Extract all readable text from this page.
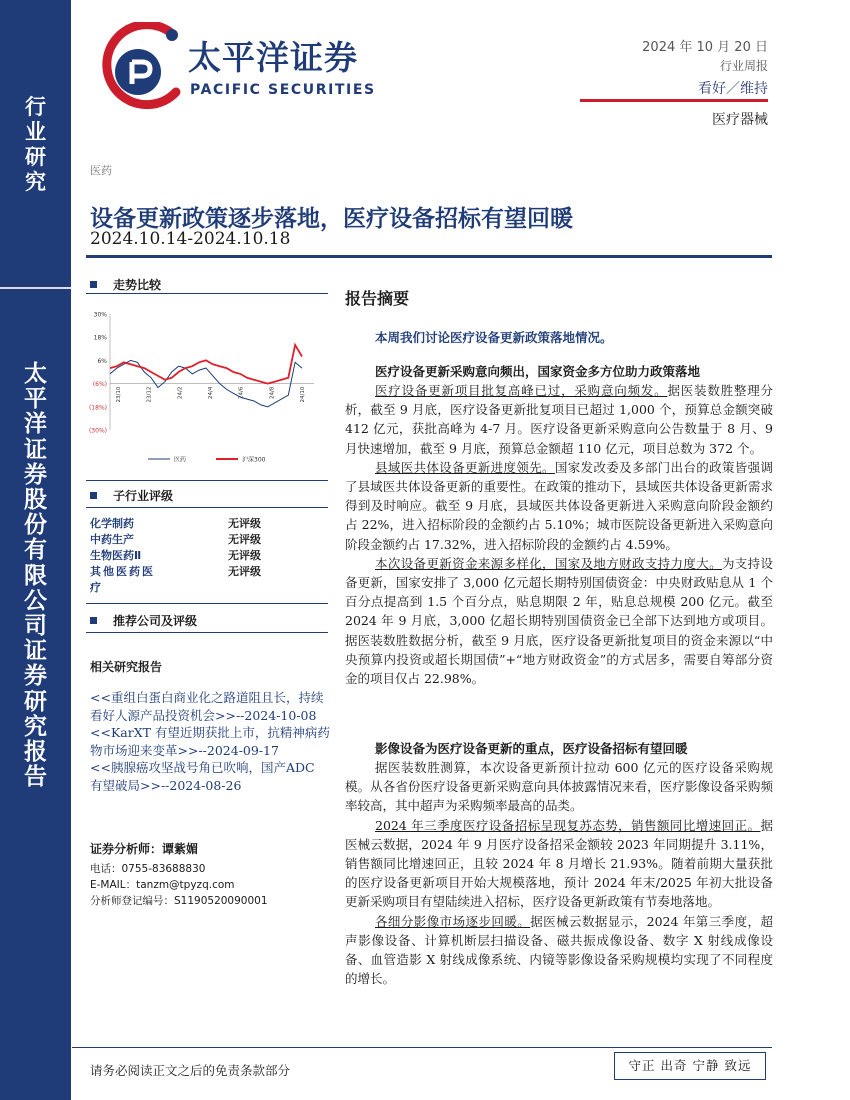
行
业
研
究
太
平
洋
证
券
股
份
有
限
公
司
证
券
研
究
报
告
太平洋证券
PACIFIC SECURITIES
2024 年 10 月 20 日
行业周报
看好／维持
医疗器械
医药
设备更新政策逐步落地，医疗设备招标有望回暖
2024.10.14-2024.10.18
走势比较
30%
18%
6%
(6%)
(18%)
(30%)
23/10	23/12	24/2	24/4	24/6	24/8	24/10
医药	沪深300
子行业评级
化学制药	无评级
中药生产	无评级
生物医药Ⅱ	无评级
其他医药医疗
无评级
推荐公司及评级
相关研究报告

<<重组白蛋白商业化之路道阻且长，持续看好人源产品投资机会>>--2024-10-08

<<KarXT 有望近期获批上市，抗精神病药物市场迎来变革>>--2024-09-17

<<胰腺癌攻坚战号角已吹响，国产ADC 有望破局>>--2024-08-26

证券分析师：谭紫媚
电话：0755-83688830
E-MAIL：tanzm@tpyzq.com
分析师登记编号：S1190520090001
报告摘要
本周我们讨论医疗设备更新政策落地情况。
医疗设备更新采购意向频出，国家资金多方位助力政策落地

医疗设备更新项目批复高峰已过，采购意向频发。据医装数胜整理分析，截至 9 月底，医疗设备更新批复项目已超过 1,000 个，预算总金额突破 412 亿元，获批高峰为 4-7 月。医疗设备更新采购意向公告数量于 8 月、9 月快速增加，截至 9 月底，预算总金额超 110 亿元，项目总数为 372 个。

县域医共体设备更新进度领先。国家发改委及多部门出台的政策皆强调了县域医共体设备更新的重要性。在政策的推动下，县域医共体设备更新需求得到及时响应。截至 9 月底，县域医共体设备更新进入采购意向阶段金额约占 22%，进入招标阶段的金额约占 5.10%；城市医院设备更新进入采购意向阶段金额约占 17.32%，进入招标阶段的金额约占 4.59%。

本次设备更新资金来源多样化，国家及地方财政支持力度大。为支持设备更新，国家安排了 3,000 亿元超长期特别国债资金：中央财政贴息从 1 个百分点提高到 1.5 个百分点，贴息期限 2 年，贴息总规模 200 亿元。截至 2024 年 9 月底，3,000 亿超长期特别国债资金已全部下达到地方或项目。据医装数胜数据分析，截至 9 月底，医疗设备更新批复项目的资金来源以“中央预算内投资或超长期国债”+“地方财政资金”的方式居多，需要自筹部分资金的项目仅占 22.98%。

影像设备为医疗设备更新的重点，医疗设备招标有望回暖

据医装数胜测算，本次设备更新预计拉动 600 亿元的医疗设备采购规模。从各省份医疗设备更新采购意向具体披露情况来看，医疗影像设备采购频率较高，其中超声为采购频率最高的品类。

2024 年三季度医疗设备招标呈现复苏态势，销售额同比增速回正。据医械云数据，2024 年 9 月医疗设备招采金额较 2023 年同期提升 3.11%，销售额同比增速回正，且较 2024 年 8 月增长 21.93%。随着前期大量获批的医疗设备更新项目开始大规模落地，预计 2024 年末/2025 年初大批设备更新采购项目有望陆续进入招标，医疗设备更新政策有节奏地落地。

各细分影像市场逐步回暖。据医械云数据显示，2024 年第三季度，超声影像设备、计算机断层扫描设备、磁共振成像设备、数字 X 射线成像设备、血管造影 X 射线成像系统、内镜等影像设备采购规模均实现了不同程度的增长。

请务必阅读正文之后的免责条款部分	守正 出奇 宁静 致远
